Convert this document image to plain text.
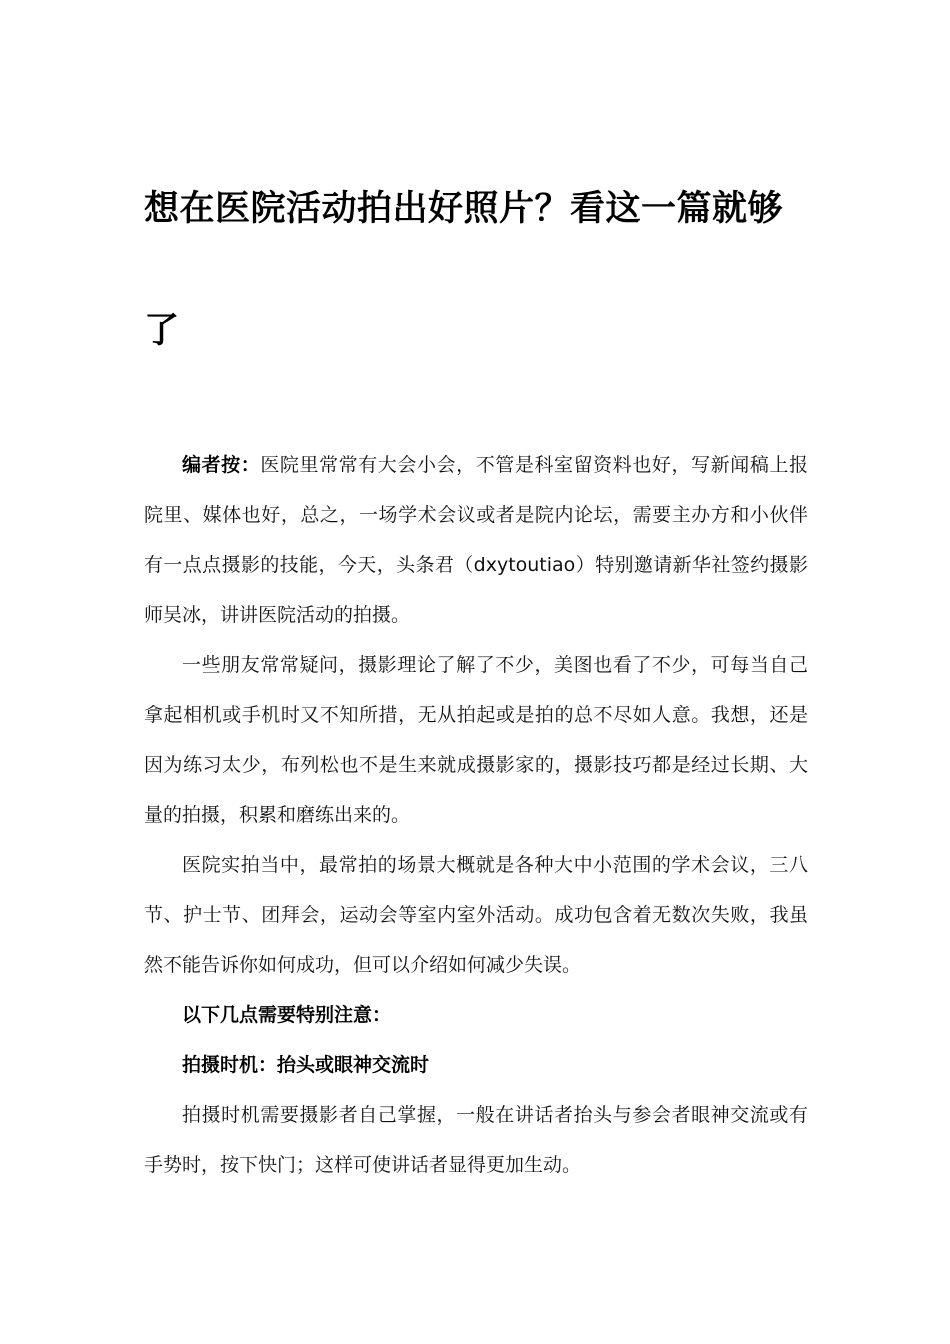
想在医院活动拍出好照片？看这一篇就够了

编者按：医院里常常有大会小会，不管是科室留资料也好，写新闻稿上报院里、媒体也好，总之，一场学术会议或者是院内论坛，需要主办方和小伙伴有一点点摄影的技能，今天，头条君（dxytoutiao）特别邀请新华社签约摄影师吴冰，讲讲医院活动的拍摄。

一些朋友常常疑问，摄影理论了解了不少，美图也看了不少，可每当自己拿起相机或手机时又不知所措，无从拍起或是拍的总不尽如人意。我想，还是因为练习太少，布列松也不是生来就成摄影家的，摄影技巧都是经过长期、大量的拍摄，积累和磨练出来的。

医院实拍当中，最常拍的场景大概就是各种大中小范围的学术会议，三八节、护士节、团拜会，运动会等室内室外活动。成功包含着无数次失败，我虽然不能告诉你如何成功，但可以介绍如何减少失误。

以下几点需要特别注意：

拍摄时机：抬头或眼神交流时

拍摄时机需要摄影者自己掌握，一般在讲话者抬头与参会者眼神交流或有手势时，按下快门；这样可使讲话者显得更加生动。
